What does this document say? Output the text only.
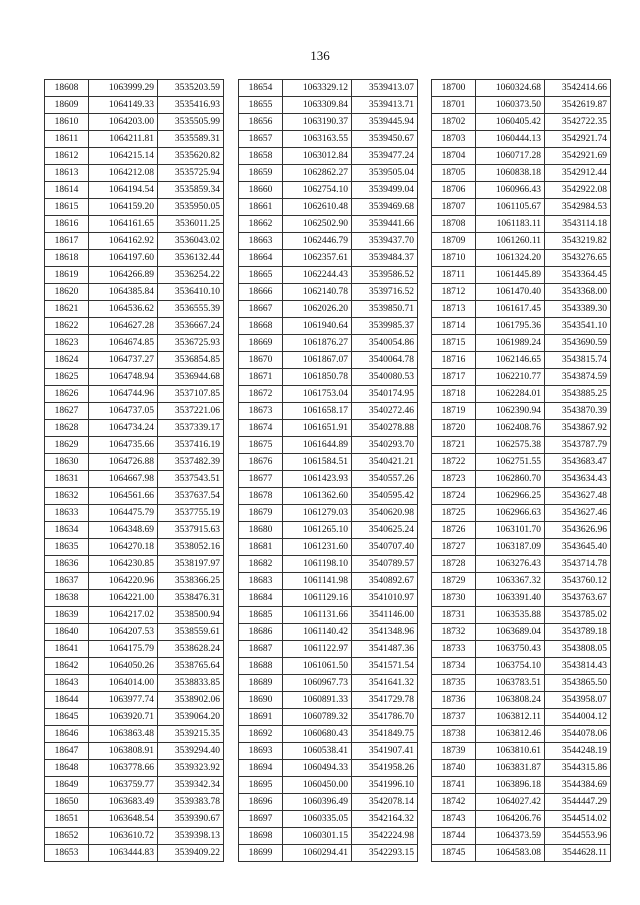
136
18608	1063999.29	3535203.59
18609	1064149.33	3535416.93
18610	1064203.00	3535505.99
18611	1064211.81	3535589.31
18612	1064215.14	3535620.82
18613	1064212.08	3535725.94
18614	1064194.54	3535859.34
18615	1064159.20	3535950.05
18616	1064161.65	3536011.25
18617	1064162.92	3536043.02
18618	1064197.60	3536132.44
18619	1064266.89	3536254.22
18620	1064385.84	3536410.10
18621	1064536.62	3536555.39
18622	1064627.28	3536667.24
18623	1064674.85	3536725.93
18624	1064737.27	3536854.85
18625	1064748.94	3536944.68
18626	1064744.96	3537107.85
18627	1064737.05	3537221.06
18628	1064734.24	3537339.17
18629	1064735.66	3537416.19
18630	1064726.88	3537482.39
18631	1064667.98	3537543.51
18632	1064561.66	3537637.54
18633	1064475.79	3537755.19
18634	1064348.69	3537915.63
18635	1064270.18	3538052.16
18636	1064230.85	3538197.97
18637	1064220.96	3538366.25
18638	1064221.00	3538476.31
18639	1064217.02	3538500.94
18640	1064207.53	3538559.61
18641	1064175.79	3538628.24
18642	1064050.26	3538765.64
18643	1064014.00	3538833.85
18644	1063977.74	3538902.06
18645	1063920.71	3539064.20
18646	1063863.48	3539215.35
18647	1063808.91	3539294.40
18648	1063778.66	3539323.92
18649	1063759.77	3539342.34
18650	1063683.49	3539383.78
18651	1063648.54	3539390.67
18652	1063610.72	3539398.13
18653	1063444.83	3539409.22
18654	1063329.12	3539413.07
18655	1063309.84	3539413.71
18656	1063190.37	3539445.94
18657	1063163.55	3539450.67
18658	1063012.84	3539477.24
18659	1062862.27	3539505.04
18660	1062754.10	3539499.04
18661	1062610.48	3539469.68
18662	1062502.90	3539441.66
18663	1062446.79	3539437.70
18664	1062357.61	3539484.37
18665	1062244.43	3539586.52
18666	1062140.78	3539716.52
18667	1062026.20	3539850.71
18668	1061940.64	3539985.37
18669	1061876.27	3540054.86
18670	1061867.07	3540064.78
18671	1061850.78	3540080.53
18672	1061753.04	3540174.95
18673	1061658.17	3540272.46
18674	1061651.91	3540278.88
18675	1061644.89	3540293.70
18676	1061584.51	3540421.21
18677	1061423.93	3540557.26
18678	1061362.60	3540595.42
18679	1061279.03	3540620.98
18680	1061265.10	3540625.24
18681	1061231.60	3540707.40
18682	1061198.10	3540789.57
18683	1061141.98	3540892.67
18684	1061129.16	3541010.97
18685	1061131.66	3541146.00
18686	1061140.42	3541348.96
18687	1061122.97	3541487.36
18688	1061061.50	3541571.54
18689	1060967.73	3541641.32
18690	1060891.33	3541729.78
18691	1060789.32	3541786.70
18692	1060680.43	3541849.75
18693	1060538.41	3541907.41
18694	1060494.33	3541958.26
18695	1060450.00	3541996.10
18696	1060396.49	3542078.14
18697	1060335.05	3542164.32
18698	1060301.15	3542224.98
18699	1060294.41	3542293.15
18700	1060324.68	3542414.66
18701	1060373.50	3542619.87
18702	1060405.42	3542722.35
18703	1060444.13	3542921.74
18704	1060717.28	3542921.69
18705	1060838.18	3542912.44
18706	1060966.43	3542922.08
18707	1061105.67	3542984.53
18708	1061183.11	3543114.18
18709	1061260.11	3543219.82
18710	1061324.20	3543276.65
18711	1061445.89	3543364.45
18712	1061470.40	3543368.00
18713	1061617.45	3543389.30
18714	1061795.36	3543541.10
18715	1061989.24	3543690.59
18716	1062146.65	3543815.74
18717	1062210.77	3543874.59
18718	1062284.01	3543885.25
18719	1062390.94	3543870.39
18720	1062408.76	3543867.92
18721	1062575.38	3543787.79
18722	1062751.55	3543683.47
18723	1062860.70	3543634.43
18724	1062966.25	3543627.48
18725	1062966.63	3543627.46
18726	1063101.70	3543626.96
18727	1063187.09	3543645.40
18728	1063276.43	3543714.78
18729	1063367.32	3543760.12
18730	1063391.40	3543763.67
18731	1063535.88	3543785.02
18732	1063689.04	3543789.18
18733	1063750.43	3543808.05
18734	1063754.10	3543814.43
18735	1063783.51	3543865.50
18736	1063808.24	3543958.07
18737	1063812.11	3544004.12
18738	1063812.46	3544078.06
18739	1063810.61	3544248.19
18740	1063831.87	3544315.86
18741	1063896.18	3544384.69
18742	1064027.42	3544447.29
18743	1064206.76	3544514.02
18744	1064373.59	3544553.96
18745	1064583.08	3544628.11
